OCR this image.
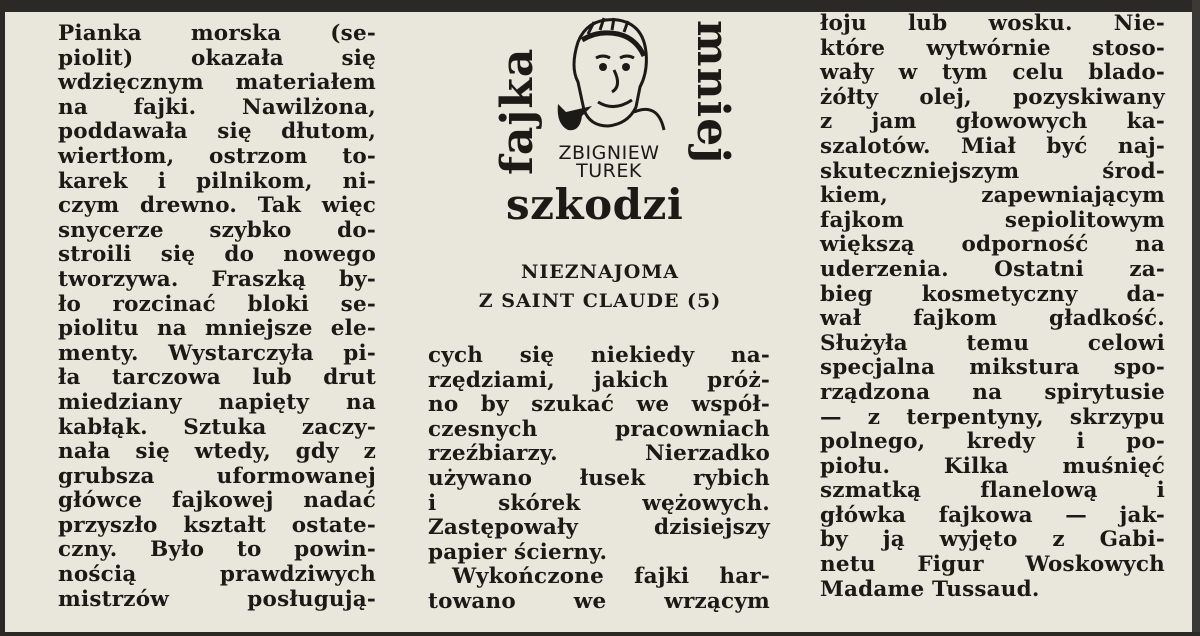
Pianka morska (se-
piolit) okazała się
wdzięcznym materiałem
na fajki. Nawilżona,
poddawała się dłutom,
wiertłom, ostrzom to-
karek i pilnikom, ni-
czym drewno. Tak więc
snycerze szybko do-
stroili się do nowego
tworzywa. Fraszką by-
ło rozcinać bloki se-
piolitu na mniejsze ele-
menty. Wystarczyła pi-
ła tarczowa lub drut
miedziany napięty na
kabłąk. Sztuka zaczy-
nała się wtedy, gdy z
grubsza uformowanej
główce fajkowej nadać
przyszło kształt ostate-
czny. Było to powin-
nością prawdziwych
mistrzów posługują-
fajka	mniej
ZBIGNIEW
TUREK
szkodzi
NIEZNAJOMA
Z SAINT CLAUDE (5)
cych się niekiedy na-
rzędziami, jakich próż-
no by szukać we współ-
czesnych pracowniach
rzeźbiarzy. Nierzadko
używano łusek rybich
i skórek wężowych.
Zastępowały dzisiejszy
papier ścierny.
Wykończone fajki har-
towano we wrzącym
łoju lub wosku. Nie-
które wytwórnie stoso-
wały w tym celu blado-
żółty olej, pozyskiwany
z jam głowowych ka-
szalotów. Miał być naj-
skuteczniejszym środ-
kiem, zapewniającym
fajkom sepiolitowym
większą odporność na
uderzenia. Ostatni za-
bieg kosmetyczny da-
wał fajkom gładkość.
Służyła temu celowi
specjalna mikstura spo-
rządzona na spirytusie
— z terpentyny, skrzypu
polnego, kredy i po-
piołu. Kilka muśnięć
szmatką flanelową i
główka fajkowa — jak-
by ją wyjęto z Gabi-
netu Figur Woskowych
Madame Tussaud.
